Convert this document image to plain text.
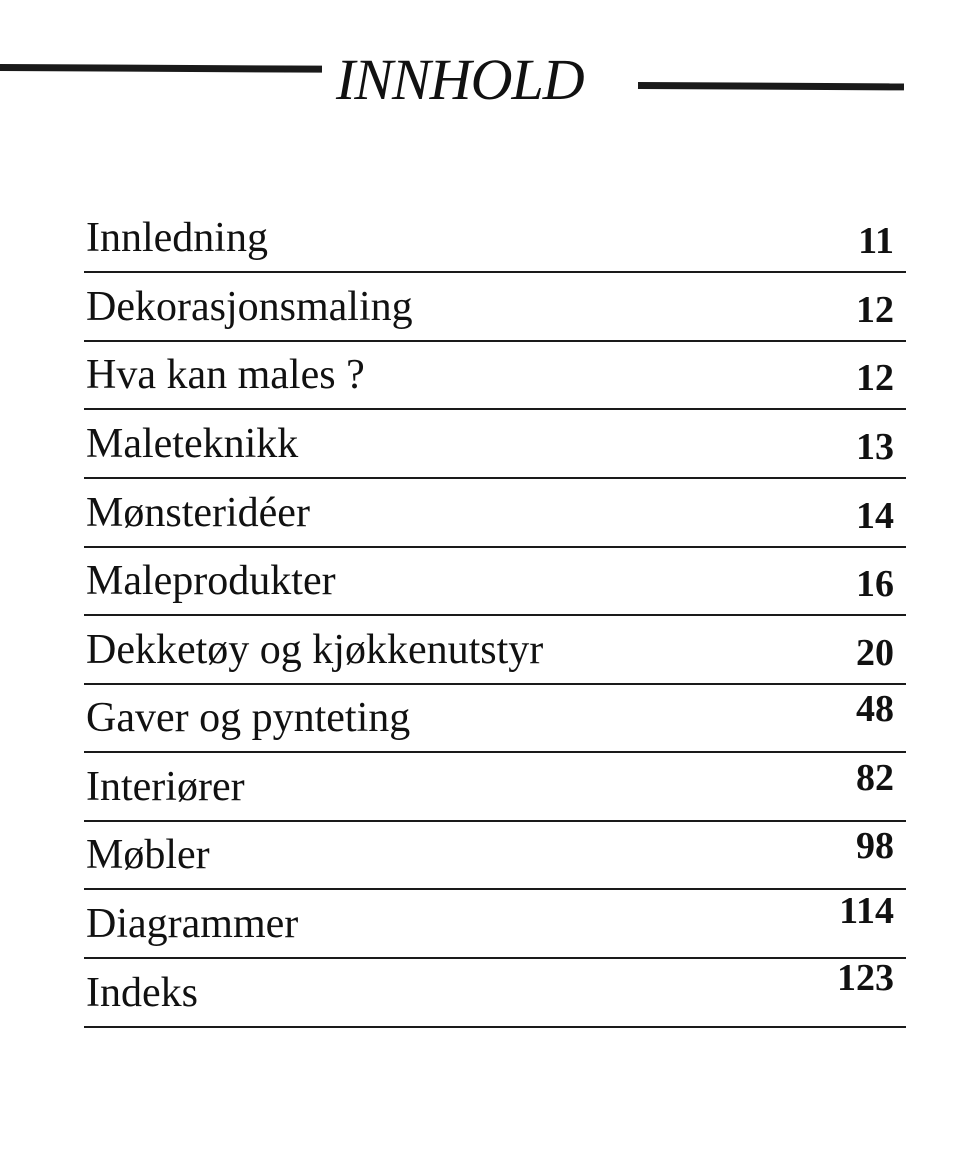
INNHOLD
Innledning	11
Dekorasjonsmaling	12
Hva kan males ?	12
Maleteknikk	13
Mønsteridéer	14
Maleprodukter	16
Dekketøy og kjøkkenutstyr	20
Gaver og pynteting	48
Interiører	82
Møbler	98
Diagrammer	114
Indeks	123
